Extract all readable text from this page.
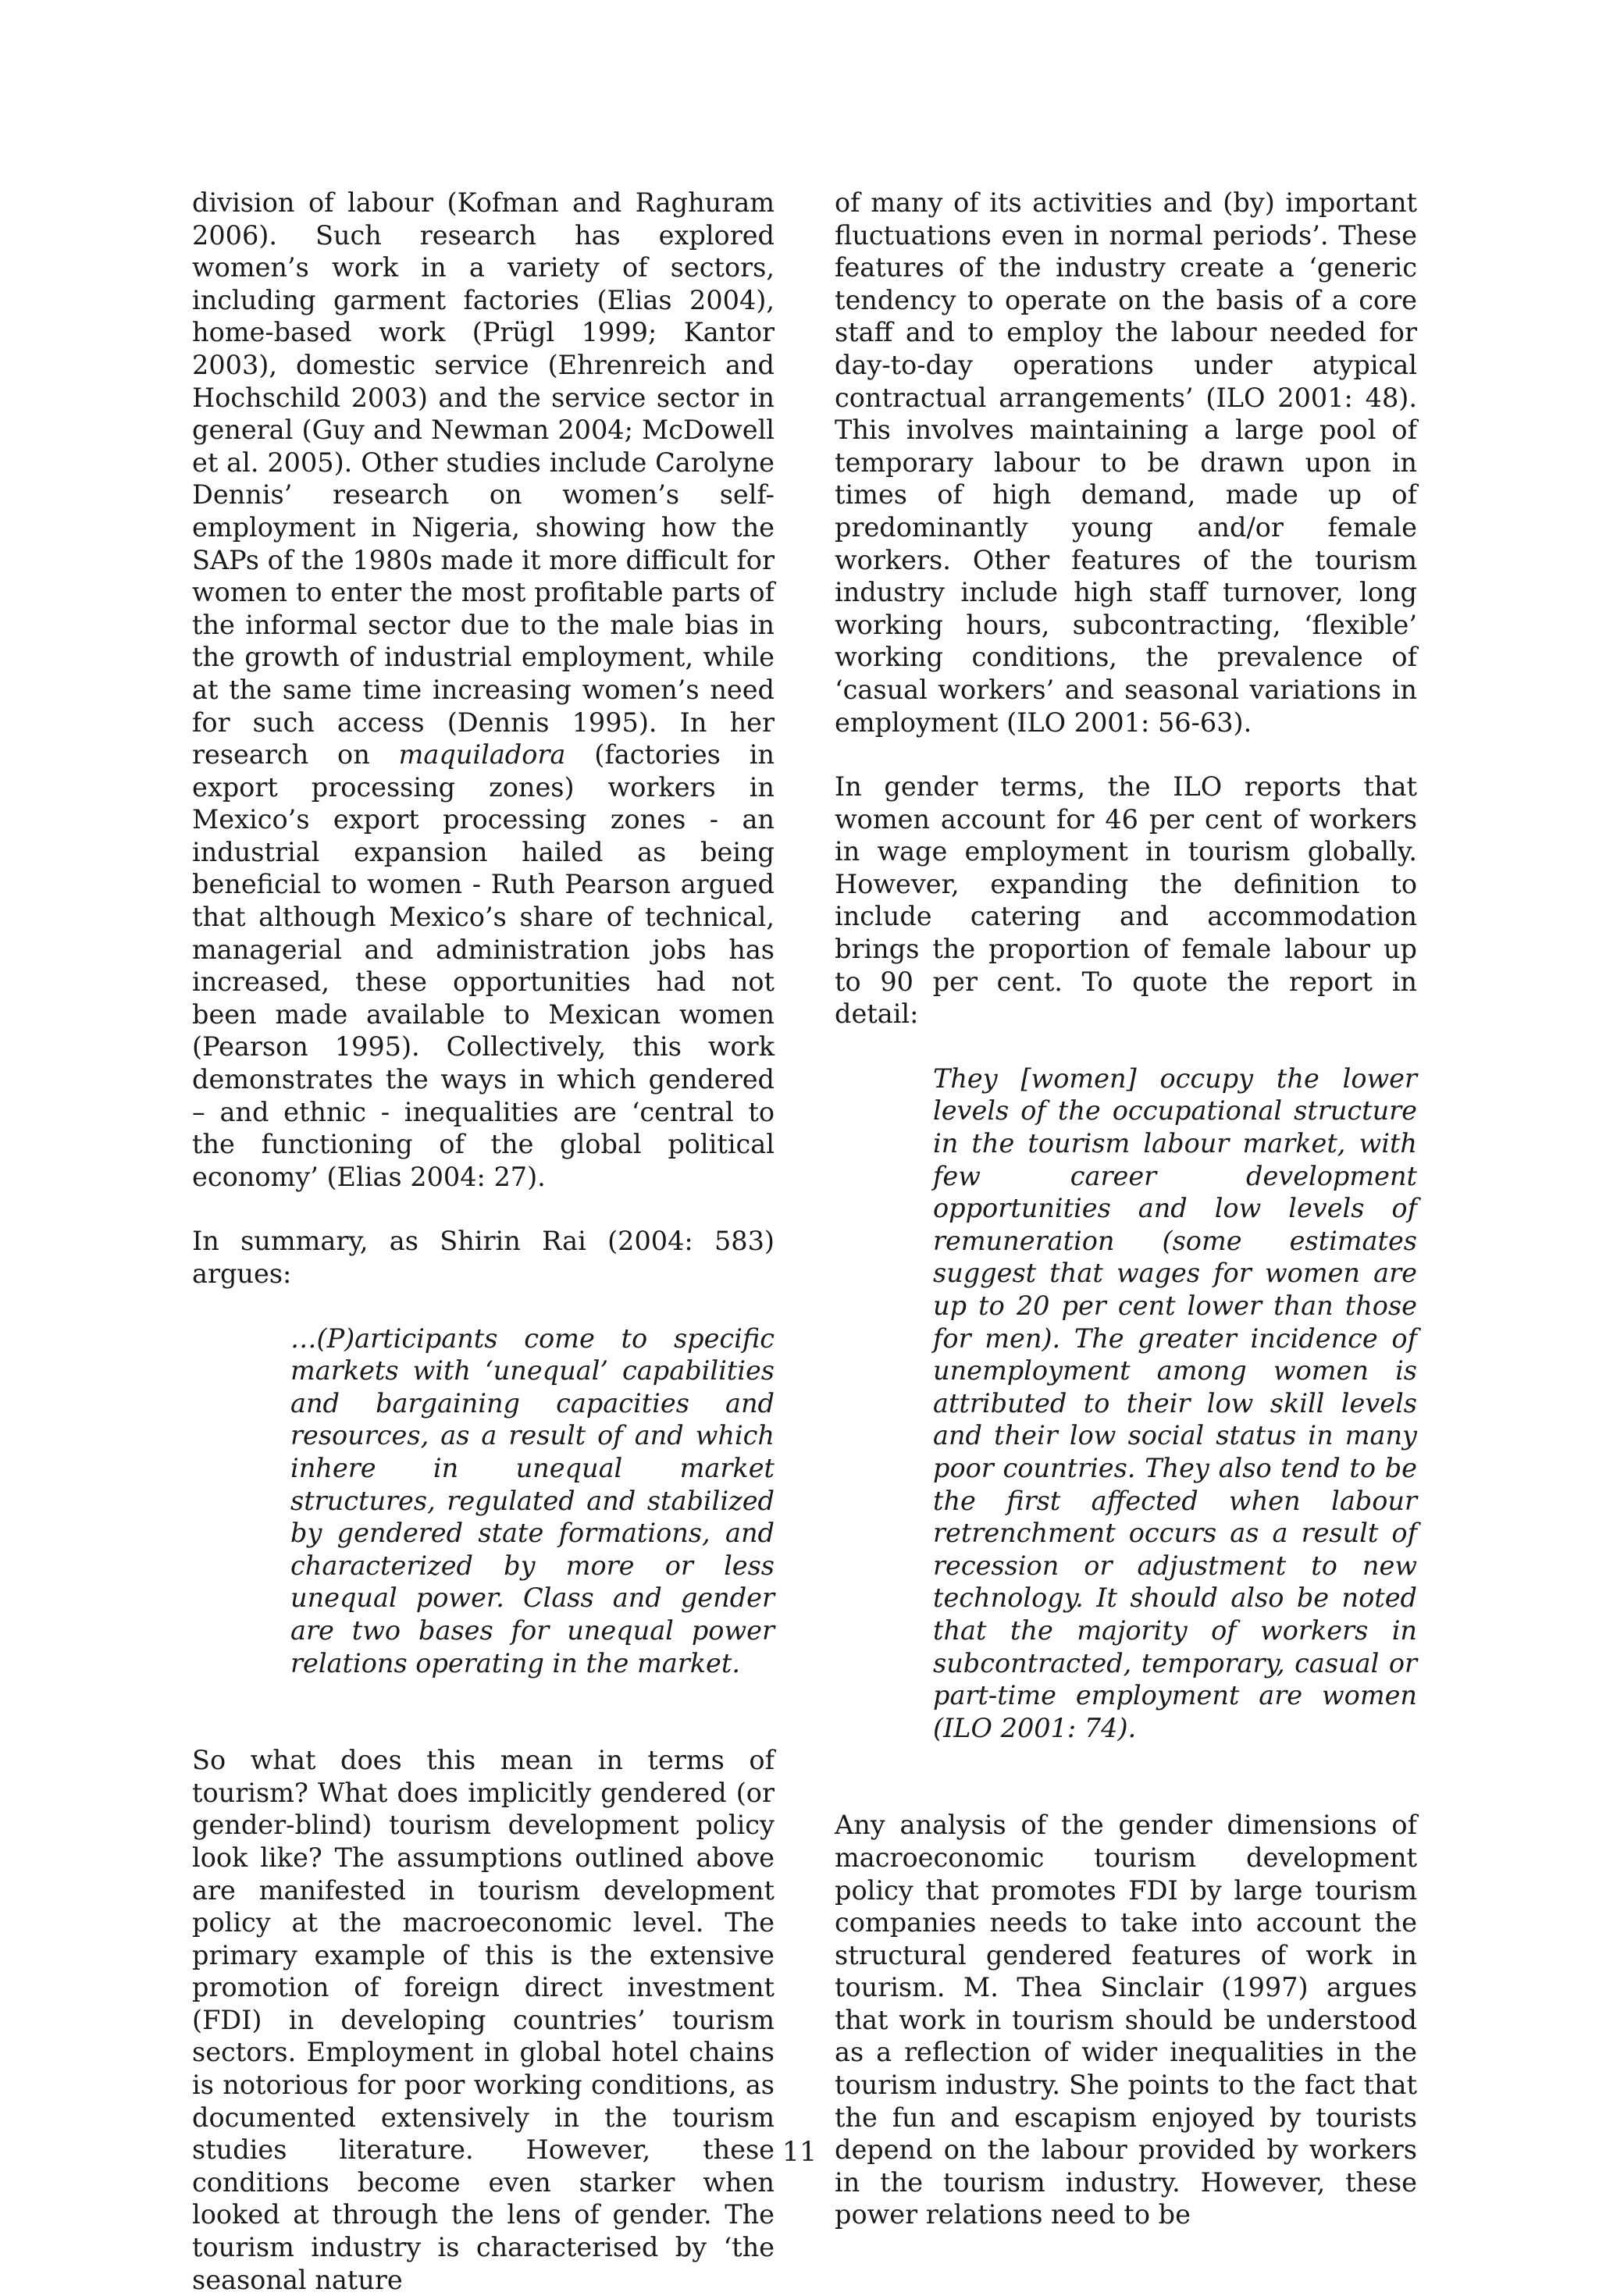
division of labour (Kofman and Raghuram 2006). Such research has explored women’s work in a variety of sectors, including garment factories (Elias 2004), home-based work (Prügl 1999; Kantor 2003), domestic service (Ehrenreich and Hochschild 2003) and the service sector in general (Guy and Newman 2004; McDowell et al. 2005). Other studies include Carolyne Dennis’ research on women’s self-employment in Nigeria, showing how the SAPs of the 1980s made it more difficult for women to enter the most profitable parts of the informal sector due to the male bias in the growth of industrial employment, while at the same time increasing women’s need for such access (Dennis 1995). In her research on maquiladora (factories in export processing zones) workers in Mexico’s export processing zones - an industrial expansion hailed as being beneficial to women - Ruth Pearson argued that although Mexico’s share of technical, managerial and administration jobs has increased, these opportunities had not been made available to Mexican women (Pearson 1995). Collectively, this work demonstrates the ways in which gendered – and ethnic - inequalities are ‘central to the functioning of the global political economy’ (Elias 2004: 27).

In summary, as Shirin Rai (2004: 583) argues:

…(P)articipants come to specific markets with ‘unequal’ capabilities and bargaining capacities and resources, as a result of and which inhere in unequal market structures, regulated and stabilized by gendered state formations, and characterized by more or less unequal power. Class and gender are two bases for unequal power relations operating in the market.

So what does this mean in terms of tourism? What does implicitly gendered (or gender-blind) tourism development policy look like? The assumptions outlined above are manifested in tourism development policy at the macroeconomic level. The primary example of this is the extensive promotion of foreign direct investment (FDI) in developing countries’ tourism sectors. Employment in global hotel chains is notorious for poor working conditions, as documented extensively in the tourism studies literature. However, these conditions become even starker when looked at through the lens of gender. The tourism industry is characterised by ‘the seasonal nature

of many of its activities and (by) important fluctuations even in normal periods’. These features of the industry create a ‘generic tendency to operate on the basis of a core staff and to employ the labour needed for day-to-day operations under atypical contractual arrangements’ (ILO 2001: 48). This involves maintaining a large pool of temporary labour to be drawn upon in times of high demand, made up of predominantly young and/or female workers. Other features of the tourism industry include high staff turnover, long working hours, subcontracting, ‘flexible’ working conditions, the prevalence of ‘casual workers’ and seasonal variations in employment (ILO 2001: 56-63).

In gender terms, the ILO reports that women account for 46 per cent of workers in wage employment in tourism globally. However, expanding the definition to include catering and accommodation brings the proportion of female labour up to 90 per cent. To quote the report in detail:

They [women] occupy the lower levels of the occupational structure in the tourism labour market, with few career development opportunities and low levels of remuneration (some estimates suggest that wages for women are up to 20 per cent lower than those for men). The greater incidence of unemployment among women is attributed to their low skill levels and their low social status in many poor countries. They also tend to be the first affected when labour retrenchment occurs as a result of recession or adjustment to new technology. It should also be noted that the majority of workers in subcontracted, temporary, casual or part-time employment are women (ILO 2001: 74).

Any analysis of the gender dimensions of macroeconomic tourism development policy that promotes FDI by large tourism companies needs to take into account the structural gendered features of work in tourism. M. Thea Sinclair (1997) argues that work in tourism should be understood as a reflection of wider inequalities in the tourism industry. She points to the fact that the fun and escapism enjoyed by tourists depend on the labour provided by workers in the tourism industry. However, these power relations need to be

11
